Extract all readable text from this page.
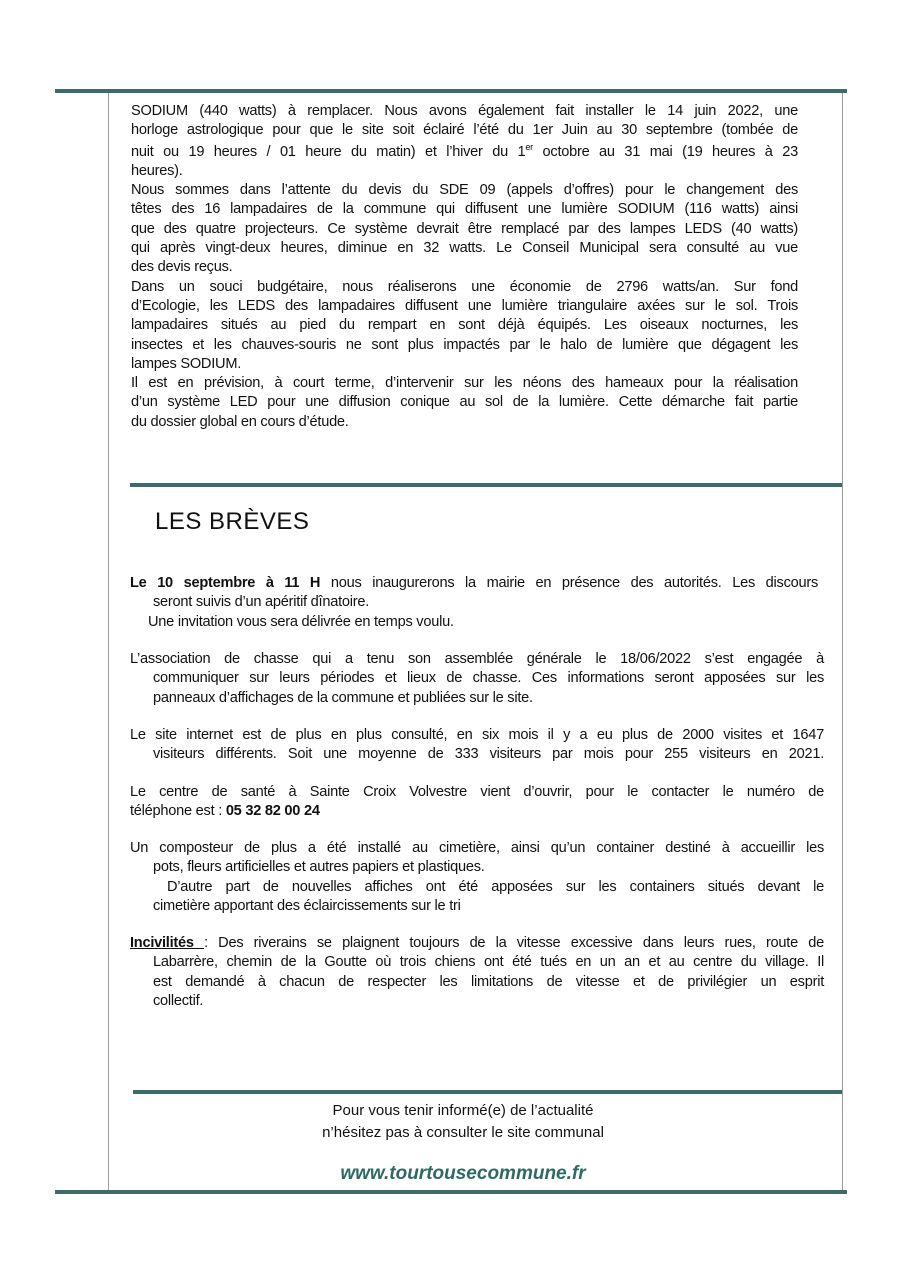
SODIUM (440 watts) à remplacer. Nous avons également fait installer le 14 juin 2022, une
horloge astrologique pour que le site soit éclairé l’été du 1er Juin au 30 septembre (tombée de
nuit ou 19 heures / 01 heure du matin) et l’hiver du 1er octobre au 31 mai (19 heures à 23
heures).
Nous sommes dans l’attente du devis du SDE 09 (appels d’offres) pour le changement des
têtes des 16 lampadaires de la commune qui diffusent une lumière SODIUM (116 watts) ainsi
que des quatre projecteurs. Ce système devrait être remplacé par des lampes LEDS (40 watts)
qui après vingt-deux heures, diminue en 32 watts. Le Conseil Municipal sera consulté au vue
des devis reçus.
Dans un souci budgétaire, nous réaliserons une économie de 2796 watts/an. Sur fond
d’Ecologie, les LEDS des lampadaires diffusent une lumière triangulaire axées sur le sol. Trois
lampadaires situés au pied du rempart en sont déjà équipés. Les oiseaux nocturnes, les
insectes et les chauves-souris ne sont plus impactés par le halo de lumière que dégagent les
lampes SODIUM.
Il est en prévision, à court terme, d’intervenir sur les néons des hameaux pour la réalisation
d’un système LED pour une diffusion conique au sol de la lumière. Cette démarche fait partie
du dossier global en cours d’étude.
LES BRÈVES
Le 10 septembre à 11 H nous inaugurerons la mairie en présence des autorités. Les discours
seront suivis d’un apéritif dînatoire.
Une invitation vous sera délivrée en temps voulu.
L’association de chasse qui a tenu son assemblée générale le 18/06/2022 s’est engagée à
communiquer sur leurs périodes et lieux de chasse. Ces informations seront apposées sur les
panneaux d’affichages de la commune et publiées sur le site.
Le site internet est de plus en plus consulté, en six mois il y a eu plus de 2000 visites et 1647
visiteurs différents. Soit une moyenne de 333 visiteurs par mois pour 255 visiteurs en 2021.
Le centre de santé à Sainte Croix Volvestre vient d’ouvrir, pour le contacter le numéro de
téléphone est : 05 32 82 00 24
Un composteur de plus a été installé au cimetière, ainsi qu’un container destiné à accueillir les
pots, fleurs artificielles et autres papiers et plastiques.
D’autre part de nouvelles affiches ont été apposées sur les containers situés devant le
cimetière apportant des éclaircissements sur le tri
Incivilités : Des riverains se plaignent toujours de la vitesse excessive dans leurs rues, route de
Labarrère, chemin de la Goutte où trois chiens ont été tués en un an et au centre du village. Il
est demandé à chacun de respecter les limitations de vitesse et de privilégier un esprit
collectif.
Pour vous tenir informé(e) de l’actualité
n’hésitez pas à consulter le site communal
www.tourtousecommune.fr
